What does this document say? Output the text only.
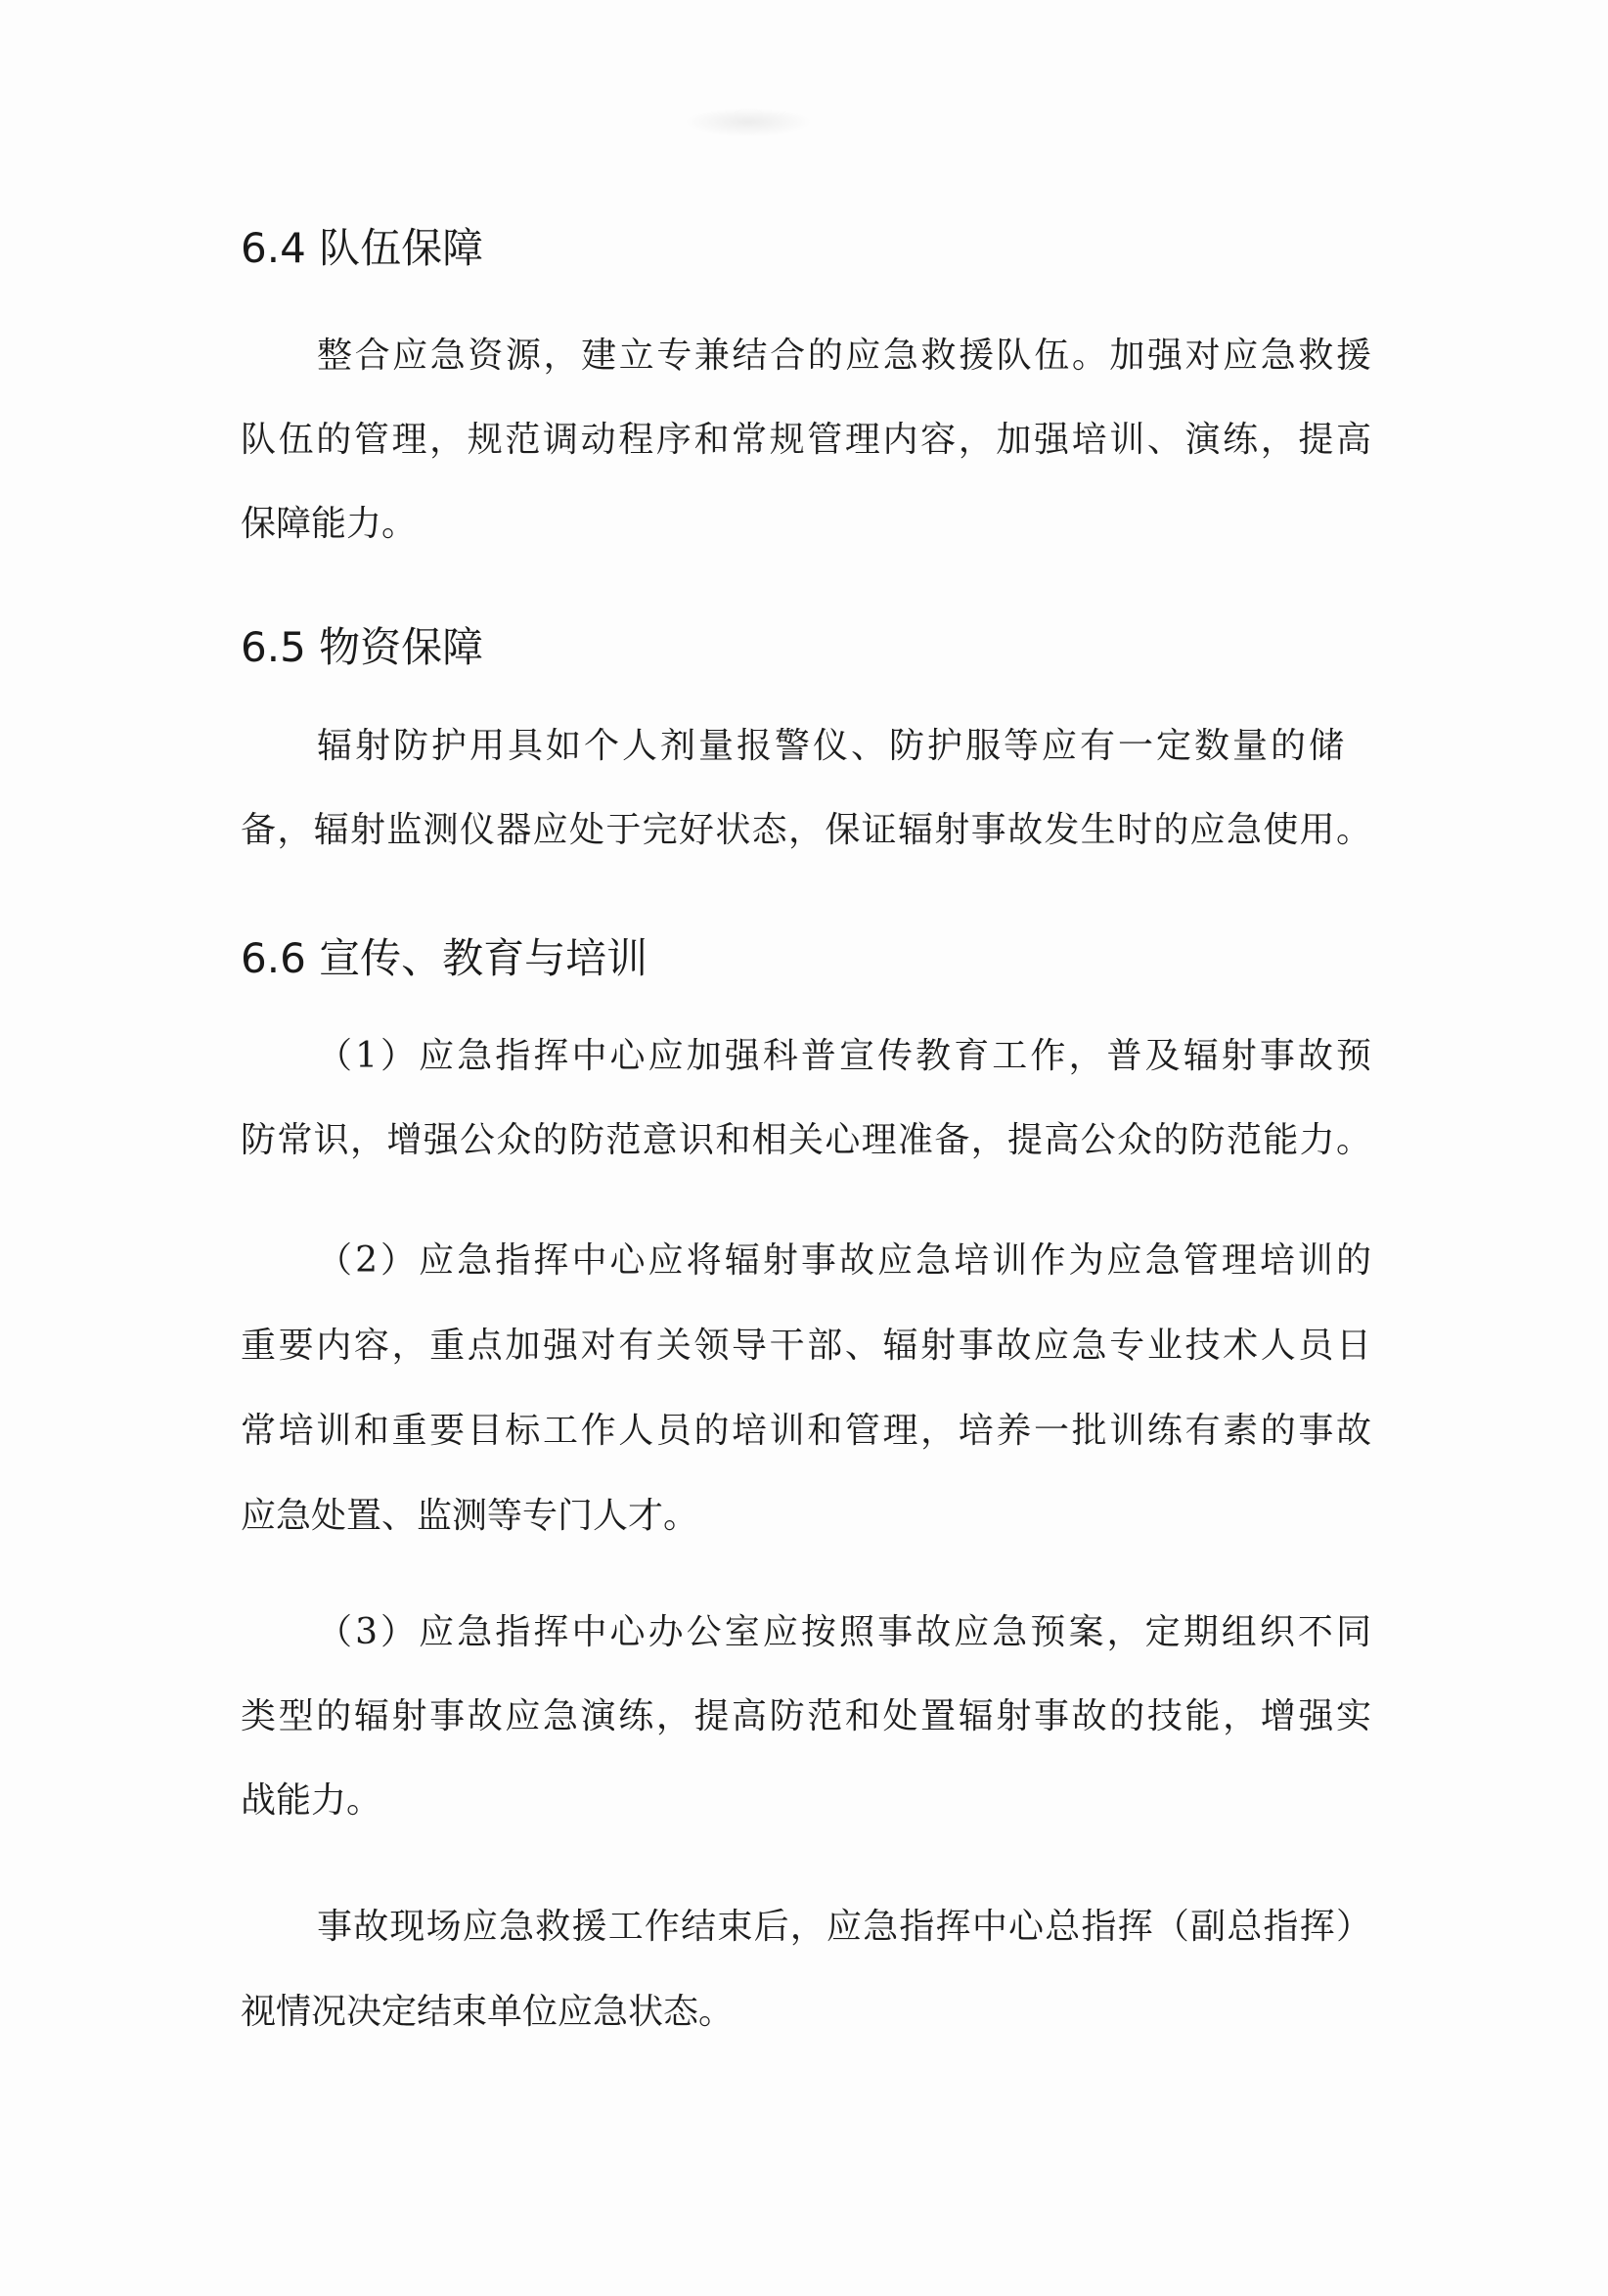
6.4 队伍保障
整合应急资源，建立专兼结合的应急救援队伍。加强对应急救援
队伍的管理，规范调动程序和常规管理内容，加强培训、演练，提高
保障能力。
6.5 物资保障
辐射防护用具如个人剂量报警仪、防护服等应有一定数量的储
备，辐射监测仪器应处于完好状态，保证辐射事故发生时的应急使用。
6.6 宣传、教育与培训
（1）应急指挥中心应加强科普宣传教育工作，普及辐射事故预
防常识，增强公众的防范意识和相关心理准备，提高公众的防范能力。
（2）应急指挥中心应将辐射事故应急培训作为应急管理培训的
重要内容，重点加强对有关领导干部、辐射事故应急专业技术人员日
常培训和重要目标工作人员的培训和管理，培养一批训练有素的事故
应急处置、监测等专门人才。
（3）应急指挥中心办公室应按照事故应急预案，定期组织不同
类型的辐射事故应急演练，提高防范和处置辐射事故的技能，增强实
战能力。
事故现场应急救援工作结束后，应急指挥中心总指挥（副总指挥）
视情况决定结束单位应急状态。
